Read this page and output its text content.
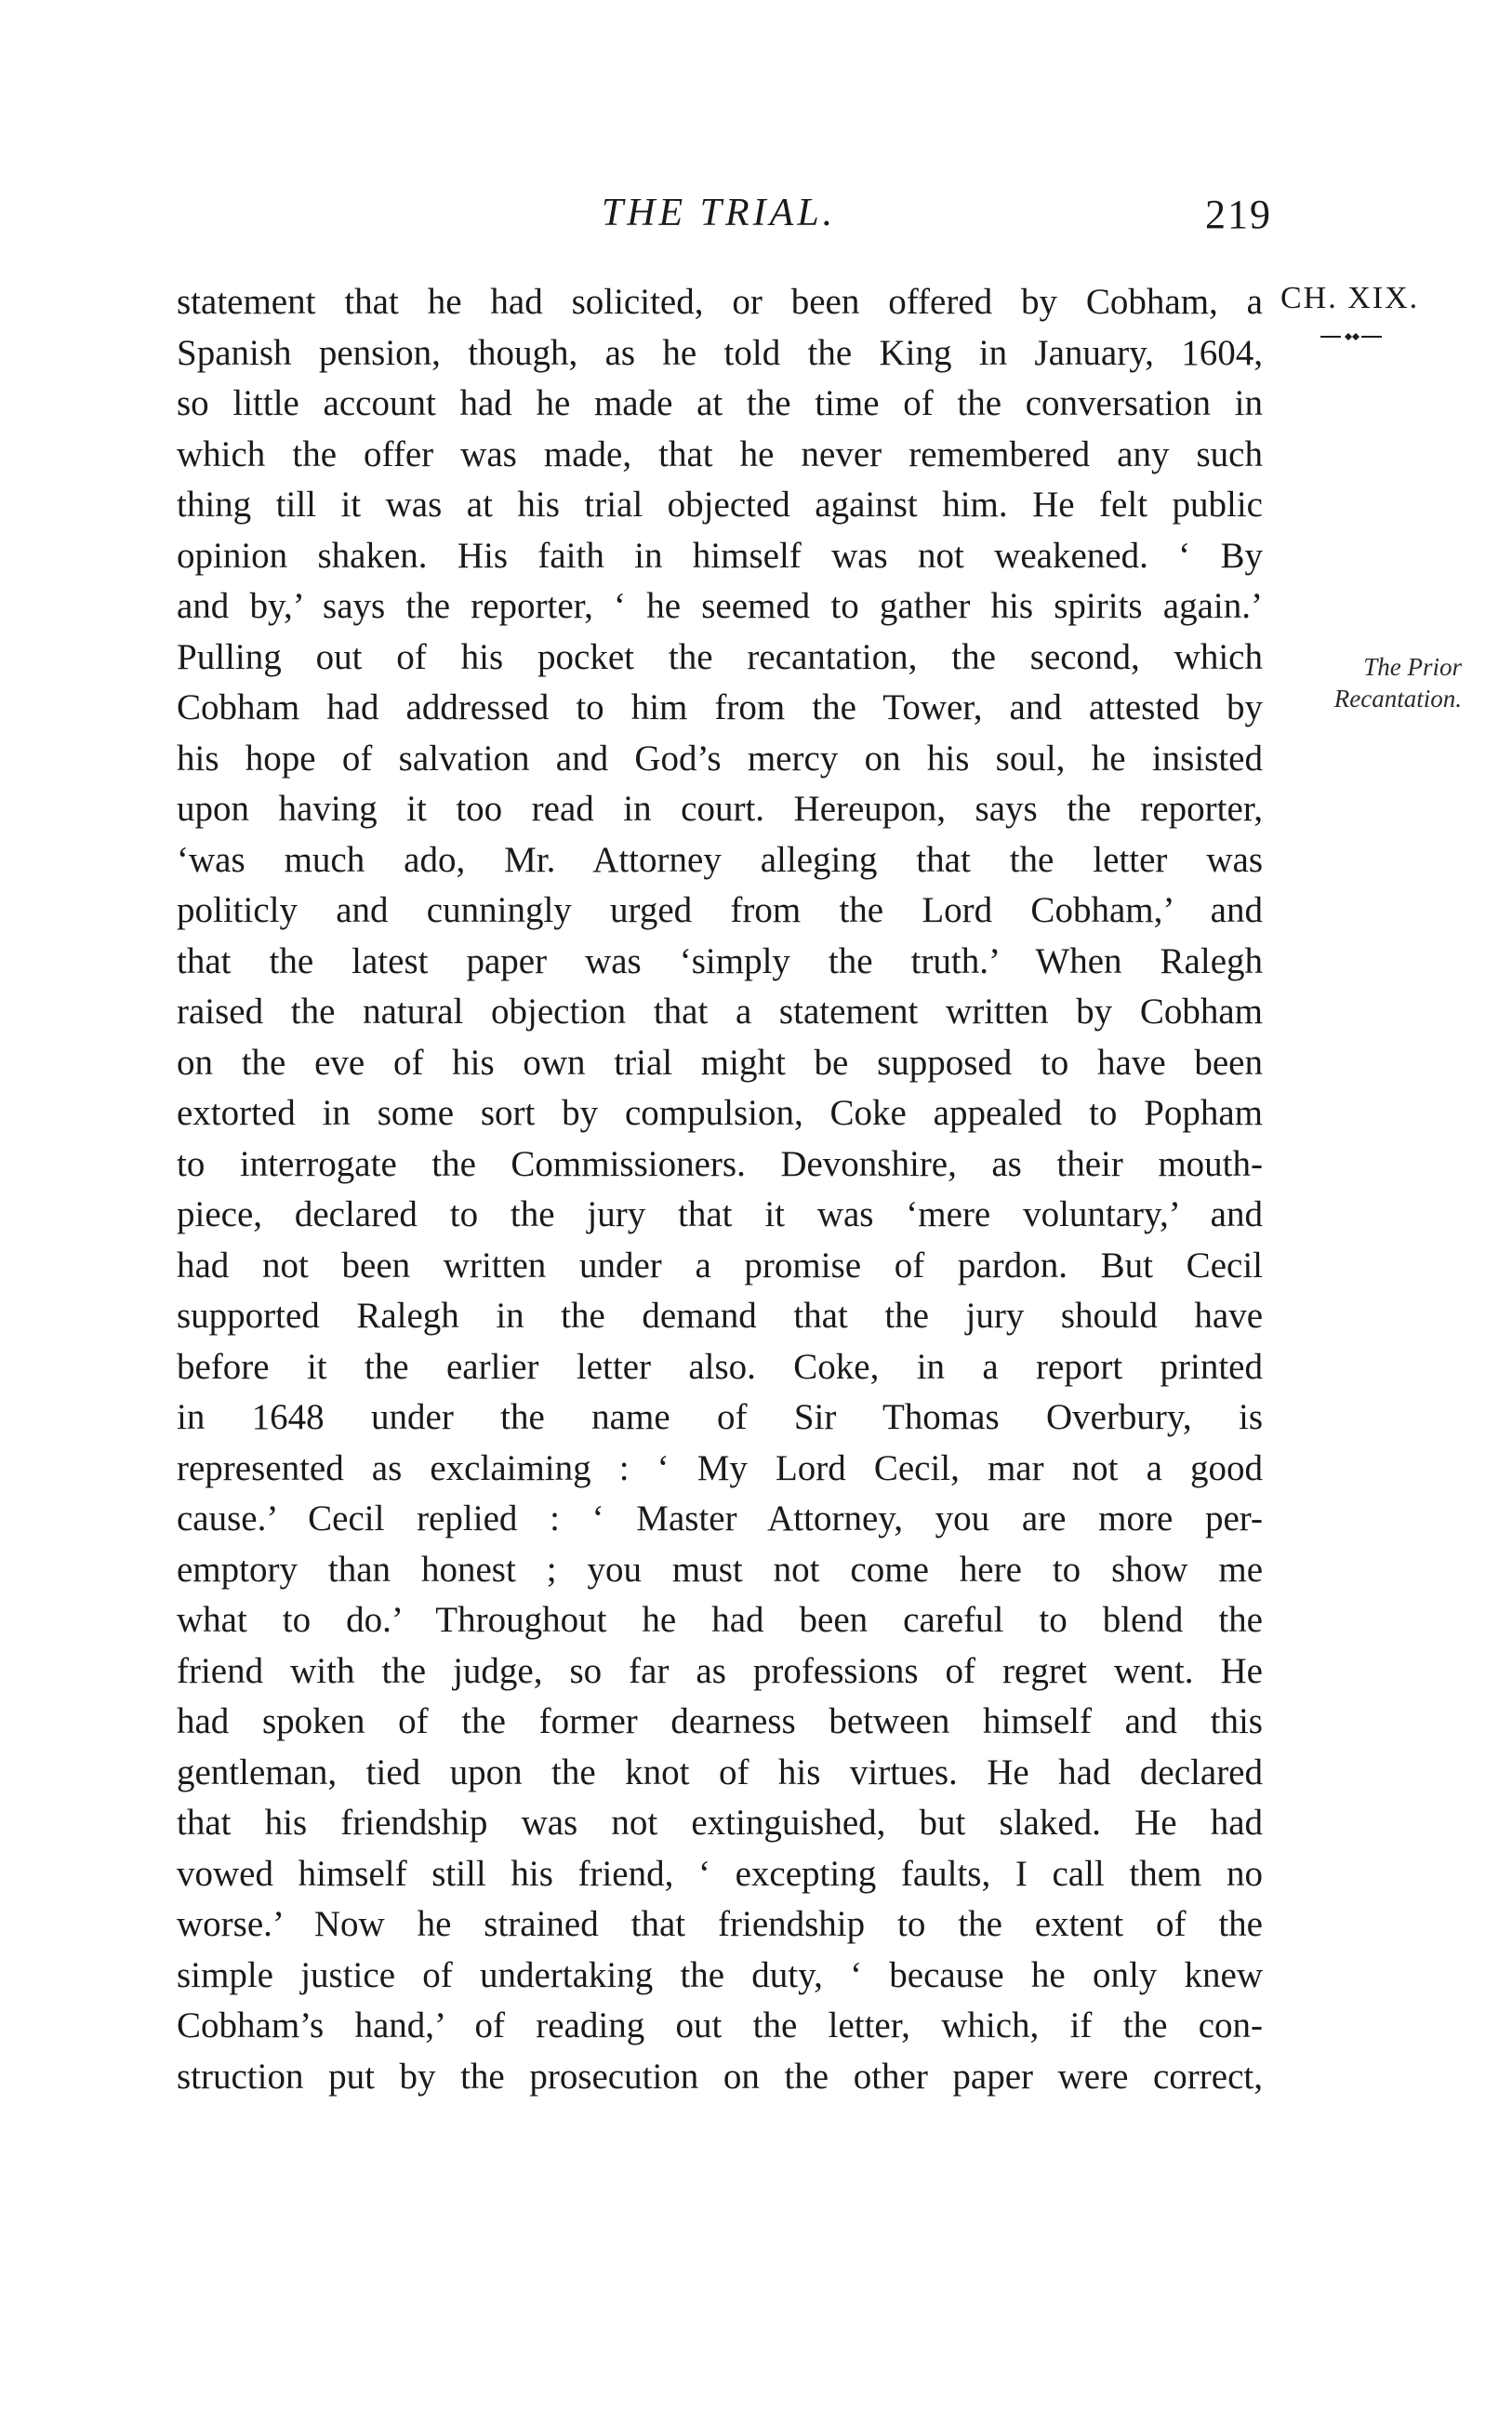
THE TRIAL.	219
CH. XIX.
The Prior
Recantation.
statement that he had solicited, or been offered by Cobham, a
Spanish pension, though, as he told the King in January, 1604,
so little account had he made at the time of the conversation in
which the offer was made, that he never remembered any such
thing till it was at his trial objected against him. He felt public
opinion shaken. His faith in himself was not weakened. ‘ By
and by,’ says the reporter, ‘ he seemed to gather his spirits again.’
Pulling out of his pocket the recantation, the second, which
Cobham had addressed to him from the Tower, and attested by
his hope of salvation and God’s mercy on his soul, he insisted
upon having it too read in court. Hereupon, says the reporter,
‘was much ado, Mr. Attorney alleging that the letter was
politicly and cunningly urged from the Lord Cobham,’ and
that the latest paper was ‘simply the truth.’ When Ralegh
raised the natural objection that a statement written by Cobham
on the eve of his own trial might be supposed to have been
extorted in some sort by compulsion, Coke appealed to Popham
to interrogate the Commissioners. Devonshire, as their mouth-
piece, declared to the jury that it was ‘mere voluntary,’ and
had not been written under a promise of pardon. But Cecil
supported Ralegh in the demand that the jury should have
before it the earlier letter also. Coke, in a report printed
in 1648 under the name of Sir Thomas Overbury, is
represented as exclaiming : ‘ My Lord Cecil, mar not a good
cause.’ Cecil replied : ‘ Master Attorney, you are more per-
emptory than honest ; you must not come here to show me
what to do.’ Throughout he had been careful to blend the
friend with the judge, so far as professions of regret went. He
had spoken of the former dearness between himself and this
gentleman, tied upon the knot of his virtues. He had declared
that his friendship was not extinguished, but slaked. He had
vowed himself still his friend, ‘ excepting faults, I call them no
worse.’ Now he strained that friendship to the extent of the
simple justice of undertaking the duty, ‘ because he only knew
Cobham’s hand,’ of reading out the letter, which, if the con-
struction put by the prosecution on the other paper were correct,
